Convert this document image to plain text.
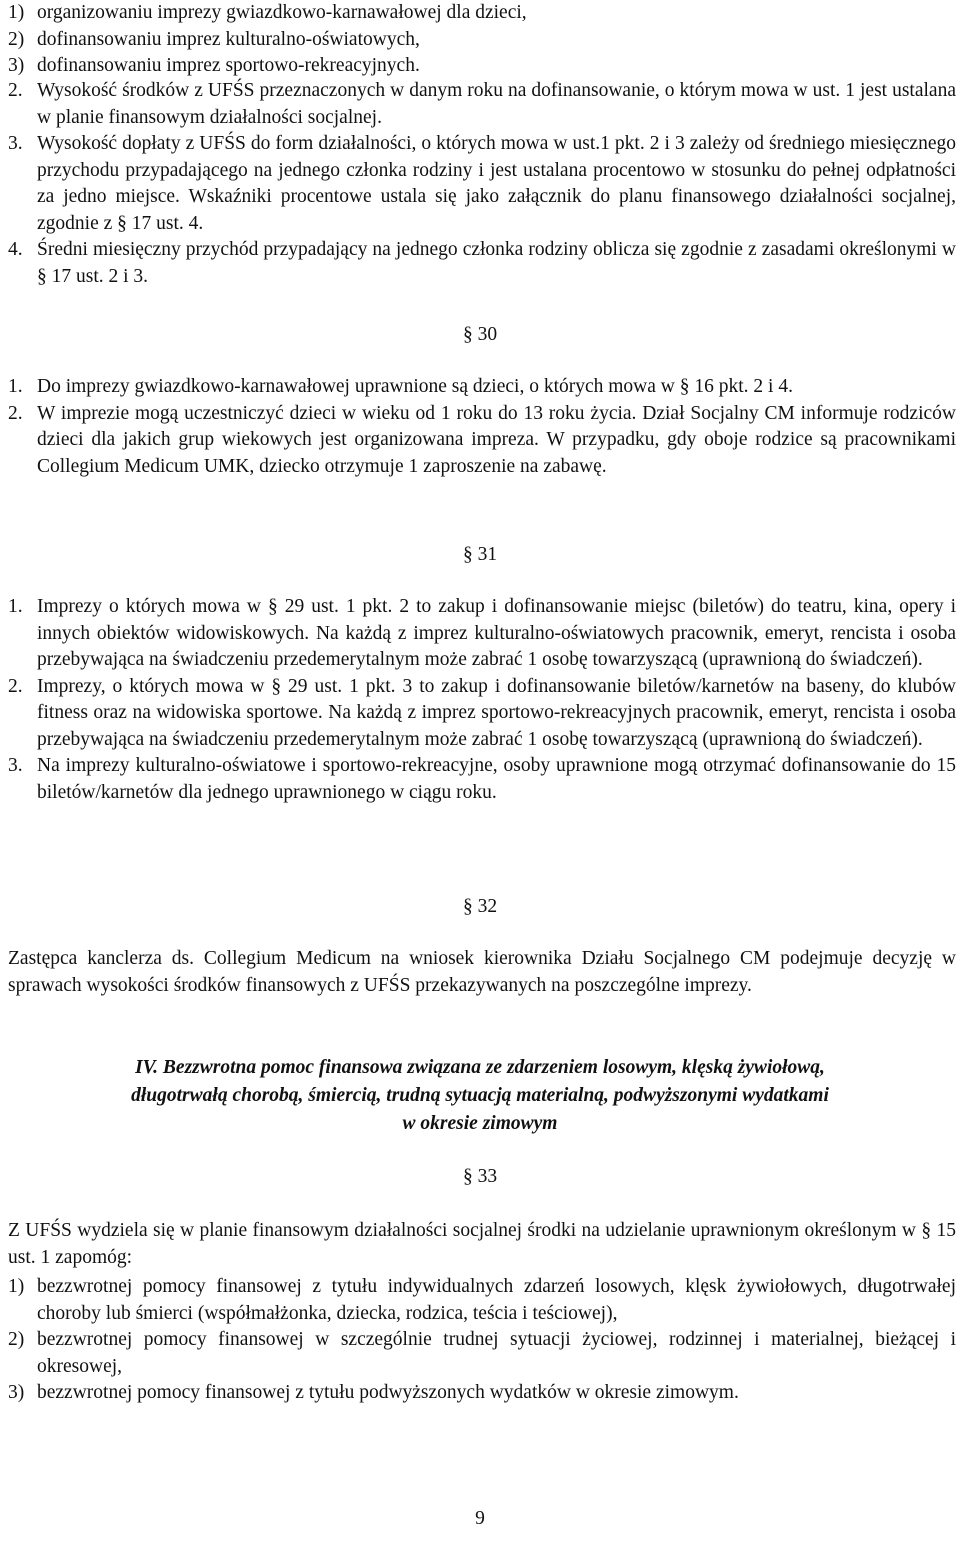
1) organizowaniu imprezy gwiazdkowo-karnawałowej dla dzieci,
2) dofinansowaniu imprez kulturalno-oświatowych,
3) dofinansowaniu imprez sportowo-rekreacyjnych.
2. Wysokość środków z UFŚS przeznaczonych w danym roku na dofinansowanie, o którym mowa w ust. 1 jest ustalana w planie finansowym działalności socjalnej.
3. Wysokość dopłaty z UFŚS do form działalności, o których mowa w ust.1 pkt. 2 i 3 zależy od średniego miesięcznego przychodu przypadającego na jednego członka rodziny i jest ustalana procentowo w stosunku do pełnej odpłatności za jedno miejsce. Wskaźniki procentowe ustala się jako załącznik do planu finansowego działalności socjalnej, zgodnie z § 17 ust. 4.
4. Średni miesięczny przychód przypadający na jednego członka rodziny oblicza się zgodnie z zasadami określonymi w § 17 ust. 2 i 3.
§ 30
1. Do imprezy gwiazdkowo-karnawałowej uprawnione są dzieci, o których mowa w § 16 pkt. 2 i 4.
2. W imprezie mogą uczestniczyć dzieci w wieku od 1 roku do 13 roku życia. Dział Socjalny CM informuje rodziców dzieci dla jakich grup wiekowych jest organizowana impreza. W przypadku, gdy oboje rodzice są pracownikami Collegium Medicum UMK, dziecko otrzymuje 1 zaproszenie na zabawę.
§ 31
1. Imprezy o których mowa w § 29 ust. 1 pkt. 2 to zakup i dofinansowanie miejsc (biletów) do teatru, kina, opery i innych obiektów widowiskowych. Na każdą z imprez kulturalno-oświatowych pracownik, emeryt, rencista i osoba przebywająca na świadczeniu przedemerytalnym może zabrać 1 osobę towarzyszącą (uprawnioną do świadczeń).
2. Imprezy, o których mowa w § 29 ust. 1 pkt. 3 to zakup i dofinansowanie biletów/karnetów na baseny, do klubów fitness oraz na widowiska sportowe. Na każdą z imprez sportowo-rekreacyjnych pracownik, emeryt, rencista i osoba przebywająca na świadczeniu przedemerytalnym może zabrać 1 osobę towarzyszącą (uprawnioną do świadczeń).
3. Na imprezy kulturalno-oświatowe i sportowo-rekreacyjne, osoby uprawnione mogą otrzymać dofinansowanie do 15 biletów/karnetów dla jednego uprawnionego w ciągu roku.
§ 32
Zastępca kanclerza ds. Collegium Medicum na wniosek kierownika Działu Socjalnego CM podejmuje decyzję w sprawach wysokości środków finansowych z UFŚS przekazywanych na poszczególne imprezy.
IV. Bezzwrotna pomoc finansowa związana ze zdarzeniem losowym, klęską żywiołową,
długotrwałą chorobą, śmiercią, trudną sytuacją materialną, podwyższonymi wydatkami
w okresie zimowym
§ 33
Z UFŚS wydziela się w planie finansowym działalności socjalnej środki na udzielanie uprawnionym określonym w § 15 ust. 1 zapomóg:
1) bezzwrotnej pomocy finansowej z tytułu indywidualnych zdarzeń losowych, klęsk żywiołowych, długotrwałej choroby lub śmierci (współmałżonka, dziecka, rodzica, teścia i teściowej),
2) bezzwrotnej pomocy finansowej w szczególnie trudnej sytuacji życiowej, rodzinnej i materialnej, bieżącej i okresowej,
3) bezzwrotnej pomocy finansowej z tytułu podwyższonych wydatków w okresie zimowym.
9
